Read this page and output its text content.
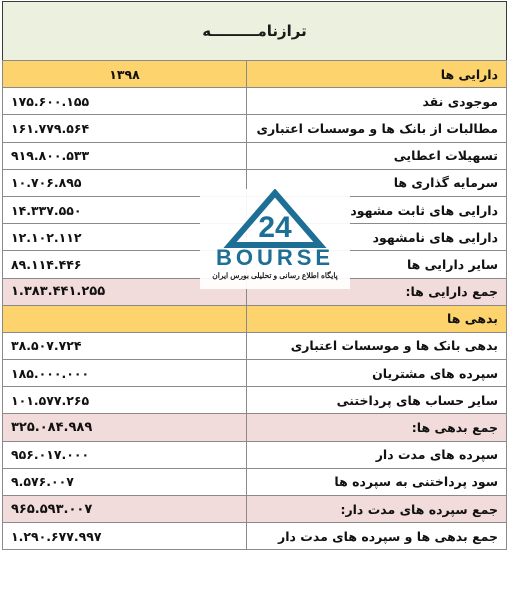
ترازنامـــــــــه
دارایی ها	۱۳۹۸
موجودی نقد	۱۷۵.۶۰۰.۱۵۵
مطالبات از بانک ها و موسسات اعتباری	۱۶۱.۷۷۹.۵۶۴
تسهیلات اعطایی	۹۱۹.۸۰۰.۵۳۳
سرمایه گذاری ها	۱۰.۷۰۶.۸۹۵
دارایی های ثابت مشهود	۱۴.۳۳۷.۵۵۰
دارایی های نامشهود	۱۲.۱۰۲.۱۱۲
سایر دارایی ها	۸۹.۱۱۴.۴۴۶
جمع دارایی ها:	۱.۳۸۳.۴۴۱.۲۵۵
بدهی ها	
بدهی بانک ها و موسسات اعتباری	۳۸.۵۰۷.۷۲۴
سپرده های مشتریان	۱۸۵.۰۰۰.۰۰۰
سایر حساب های پرداختنی	۱۰۱.۵۷۷.۲۶۵
جمع بدهی ها:	۳۲۵.۰۸۴.۹۸۹
سپرده های مدت دار	۹۵۶.۰۱۷.۰۰۰
سود پرداختنی به سپرده ها	۹.۵۷۶.۰۰۷
جمع سپرده های مدت دار:	۹۶۵.۵۹۳.۰۰۷
جمع بدهی ها و سپرده های مدت دار	۱.۲۹۰.۶۷۷.۹۹۷
24
BOURSE
پایگاه اطلاع رسانی و تحلیلی بورس ایران
